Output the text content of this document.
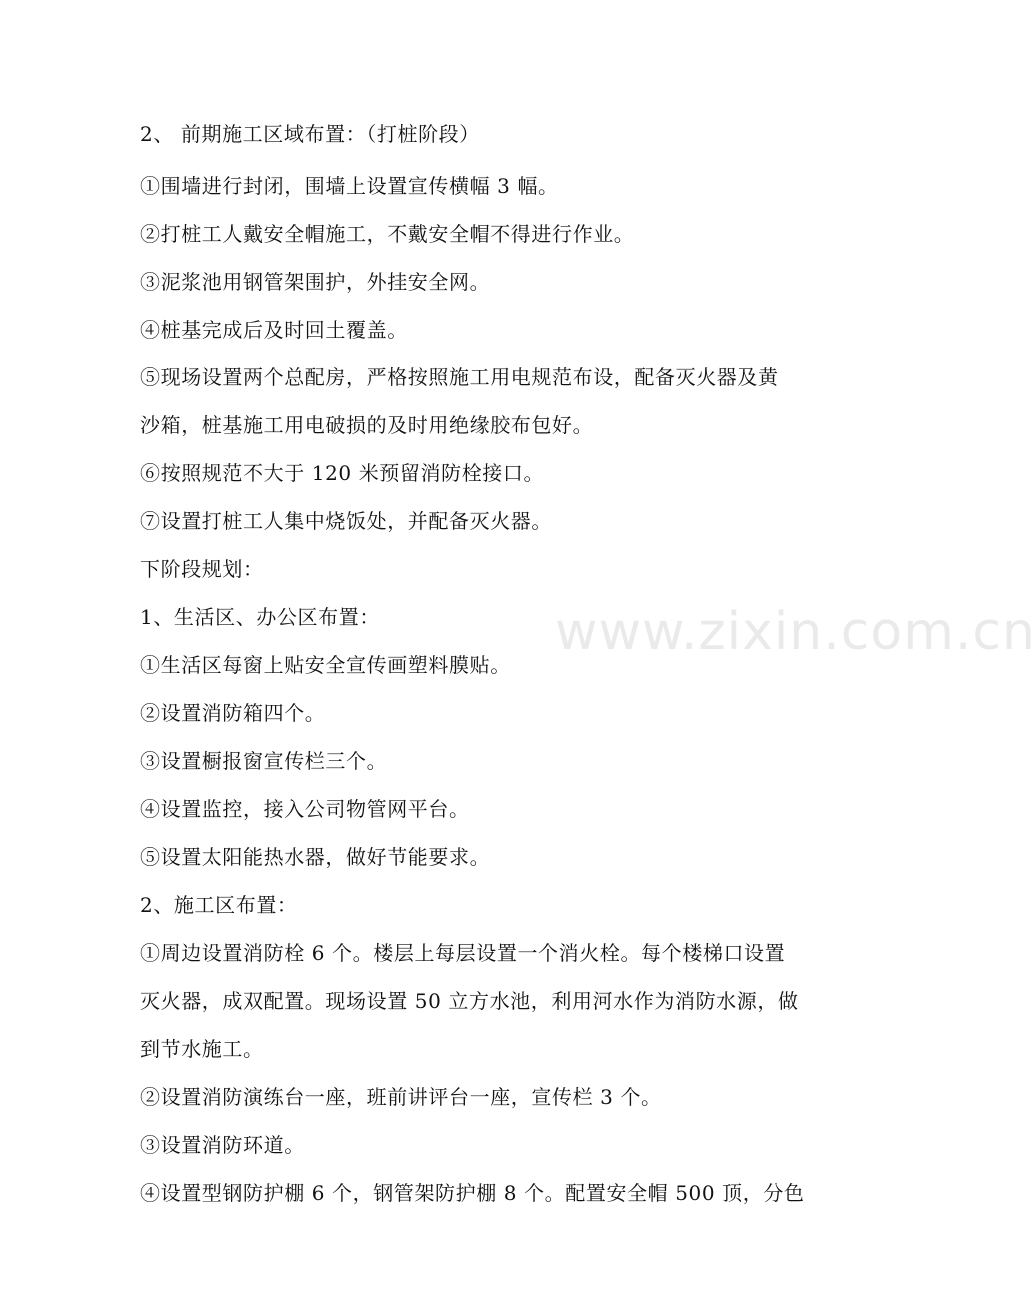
www.zixin.com.cn
2、 前期施工区域布置：（打桩阶段）
①围墙进行封闭，围墙上设置宣传横幅 3 幅。
②打桩工人戴安全帽施工，不戴安全帽不得进行作业。
③泥浆池用钢管架围护，外挂安全网。
④桩基完成后及时回土覆盖。
⑤现场设置两个总配房，严格按照施工用电规范布设，配备灭火器及黄
沙箱，桩基施工用电破损的及时用绝缘胶布包好。
⑥按照规范不大于 120 米预留消防栓接口。
⑦设置打桩工人集中烧饭处，并配备灭火器。
下阶段规划：
1、生活区、办公区布置：
①生活区每窗上贴安全宣传画塑料膜贴。
②设置消防箱四个。
③设置橱报窗宣传栏三个。
④设置监控，接入公司物管网平台。
⑤设置太阳能热水器，做好节能要求。
2、施工区布置：
①周边设置消防栓 6 个。楼层上每层设置一个消火栓。每个楼梯口设置
灭火器，成双配置。现场设置 50 立方水池，利用河水作为消防水源，做
到节水施工。
②设置消防演练台一座，班前讲评台一座，宣传栏 3 个。
③设置消防环道。
④设置型钢防护棚 6 个，钢管架防护棚 8 个。配置安全帽 500 顶，分色
